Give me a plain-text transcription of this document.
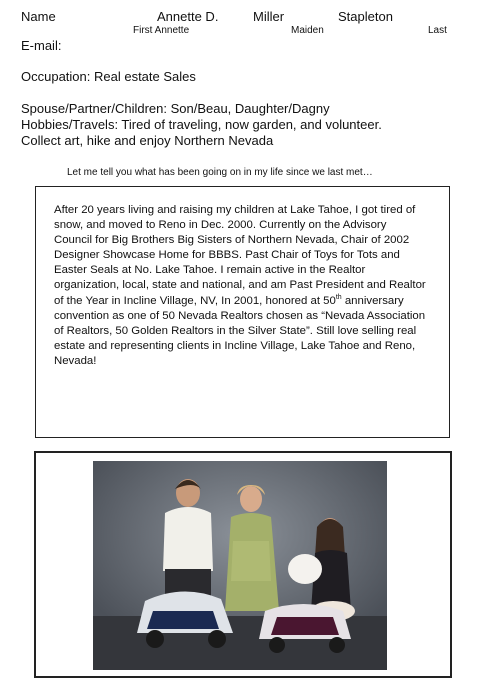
Name	Annette D.	Miller	Stapleton
First Annette	Maiden	Last
E-mail:
Occupation: Real estate Sales
Spouse/Partner/Children: Son/Beau, Daughter/Dagny
Hobbies/Travels: Tired of traveling, now garden, and volunteer.
Collect art, hike and enjoy Northern Nevada
Let me tell you what has been going on in my life since we last met…
After 20 years living and raising my children at Lake Tahoe, I got tired of snow, and moved to Reno in Dec. 2000. Currently on the Advisory Council for Big Brothers Big Sisters of Northern Nevada, Chair of 2002 Designer Showcase Home for BBBS. Past Chair of Toys for Tots and Easter Seals at No. Lake Tahoe. I remain active in the Realtor organization, local, state and national, and am Past President and Realtor of the Year in Incline Village, NV, In 2001, honored at 50th anniversary convention as one of 50 Nevada Realtors chosen as “Nevada Association of Realtors, 50 Golden Realtors in the Silver State”. Still love selling real estate and representing clients in Incline Village, Lake Tahoe and Reno, Nevada!
